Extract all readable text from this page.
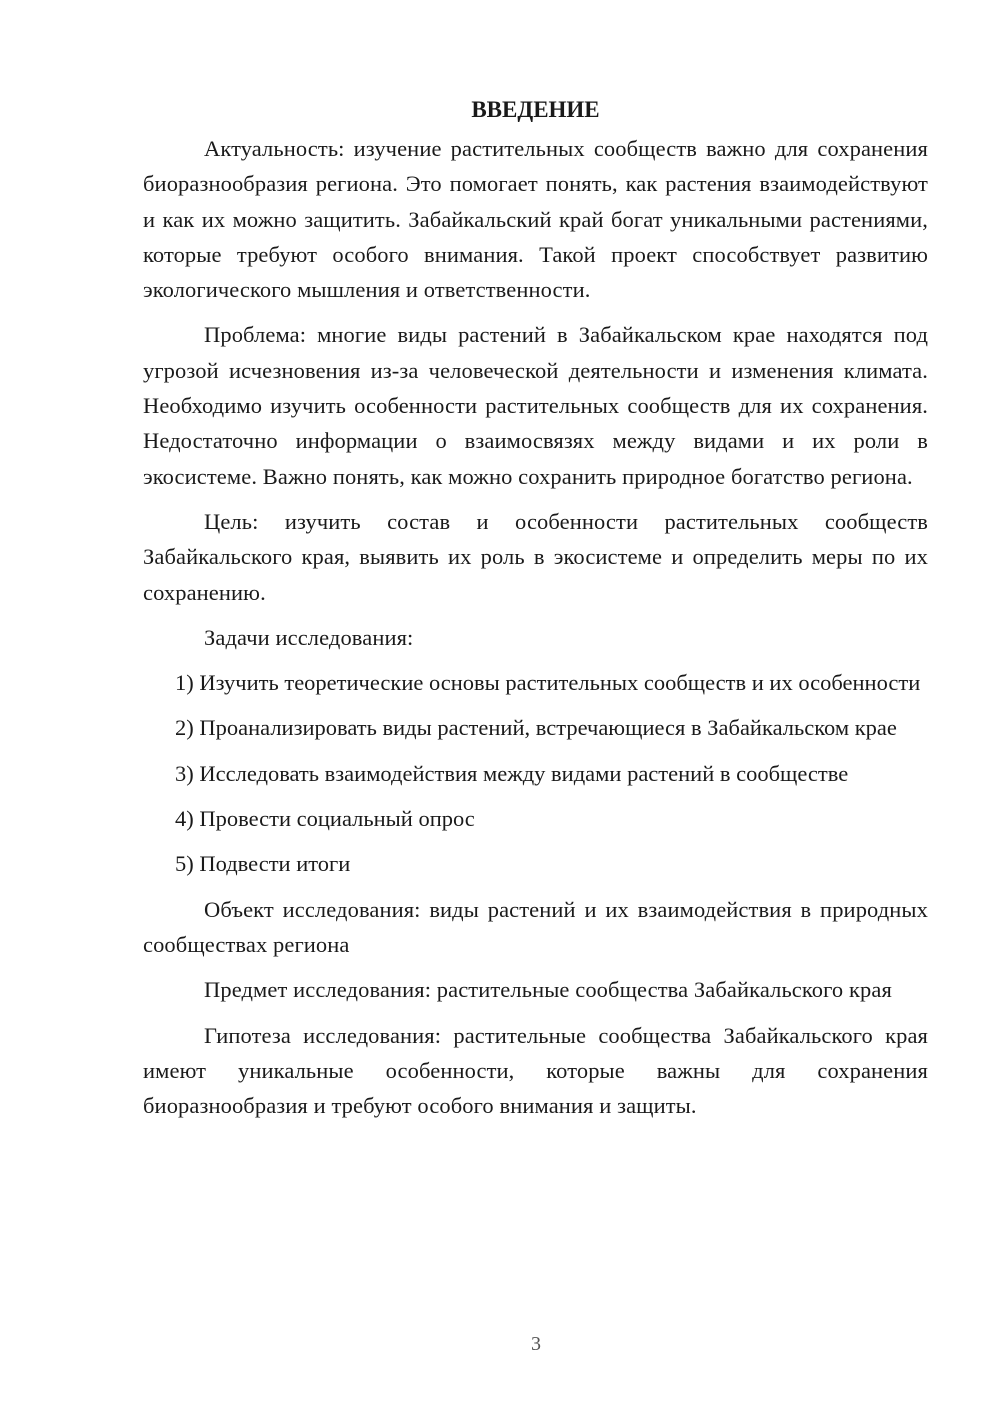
ВВЕДЕНИЕ

Актуальность: изучение растительных сообществ важно для сохранения биоразнообразия региона. Это помогает понять, как растения взаимодействуют и как их можно защитить. Забайкальский край богат уникальными растениями, которые требуют особого внимания. Такой проект способствует развитию экологического мышления и ответственности.

Проблема: многие виды растений в Забайкальском крае находятся под угрозой исчезновения из-за человеческой деятельности и изменения климата. Необходимо изучить особенности растительных сообществ для их сохранения. Недостаточно информации о взаимосвязях между видами и их роли в экосистеме. Важно понять, как можно сохранить природное богатство региона.

Цель: изучить состав и особенности растительных сообществ Забайкальского края, выявить их роль в экосистеме и определить меры по их сохранению.

Задачи исследования:

1) Изучить теоретические основы растительных сообществ и их особенности

2) Проанализировать виды растений, встречающиеся в Забайкальском крае

3) Исследовать взаимодействия между видами растений в сообществе

4) Провести социальный опрос

5) Подвести итоги

Объект исследования: виды растений и их взаимодействия в природных сообществах региона

Предмет исследования: растительные сообщества Забайкальского края

Гипотеза исследования: растительные сообщества Забайкальского края имеют уникальные особенности, которые важны для сохранения биоразнообразия и требуют особого внимания и защиты.

3
